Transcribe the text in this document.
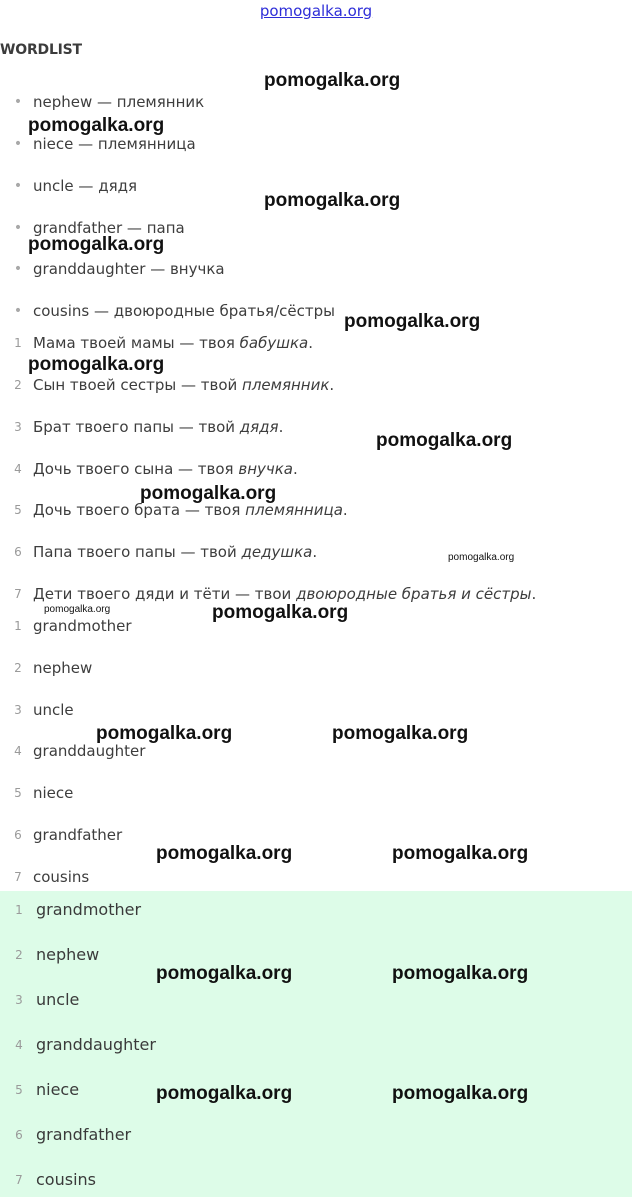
pomogalka.org
WORDLIST
• nephew — племянник
• niece — племянница
• uncle — дядя
• grandfather — папа
• granddaughter — внучка
• cousins — двоюродные братья/сёстры
1 Мама твоей мамы — твоя бабушка.
2 Сын твоей сестры — твой племянник.
3 Брат твоего папы — твой дядя.
4 Дочь твоего сына — твоя внучка.
5 Дочь твоего брата — твоя племянница.
6 Папа твоего папы — твой дедушка.
7 Дети твоего дяди и тёти — твои двоюродные братья и сёстры.
1 grandmother
2 nephew
3 uncle
4 granddaughter
5 niece
6 grandfather
7 cousins
1 grandmother
2 nephew
3 uncle
4 granddaughter
5 niece
6 grandfather
7 cousins
pomogalka.org
pomogalka.org
pomogalka.org
pomogalka.org
pomogalka.org
pomogalka.org
pomogalka.org
pomogalka.org
pomogalka.org
pomogalka.org	pomogalka.org
pomogalka.org	pomogalka.org
pomogalka.org	pomogalka.org
pomogalka.org	pomogalka.org
pomogalka.org	pomogalka.org
